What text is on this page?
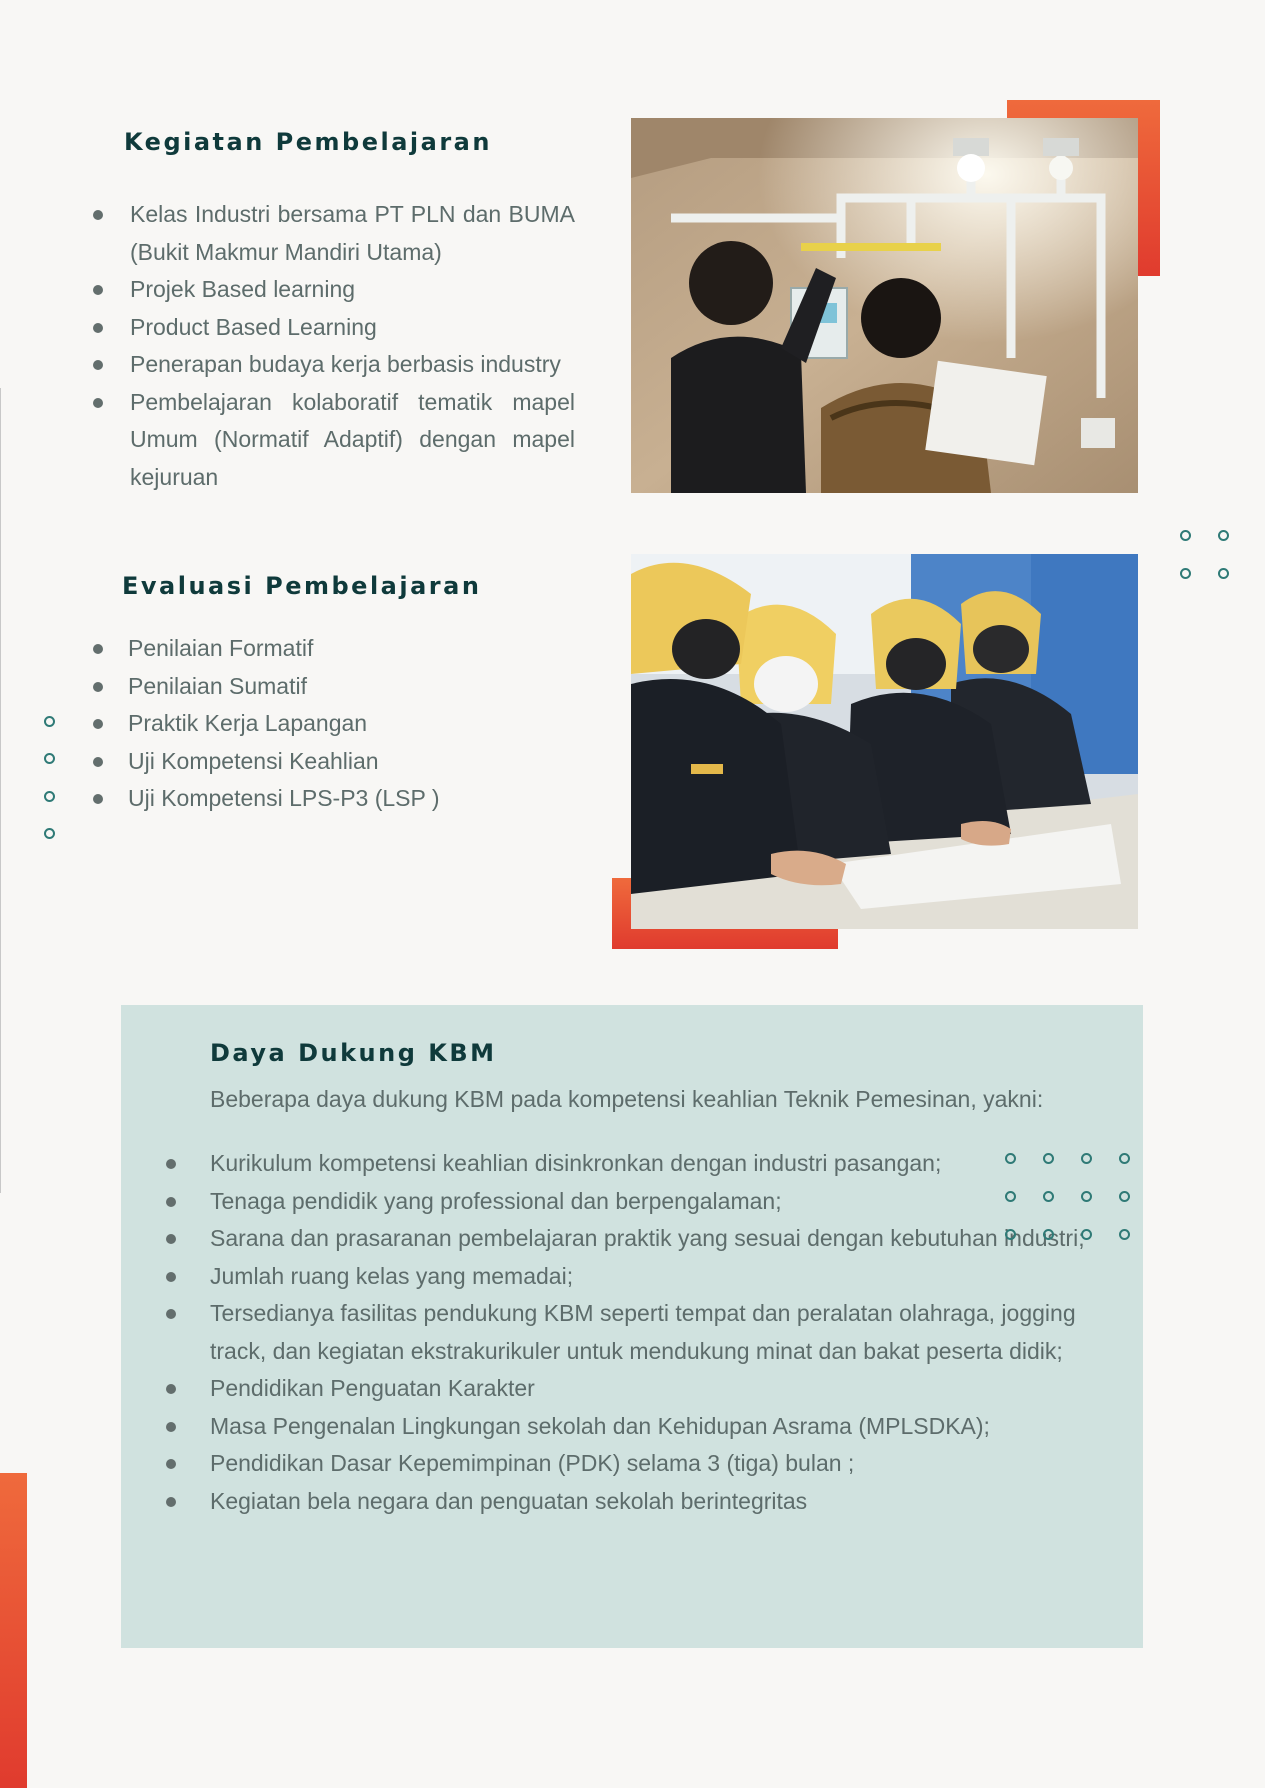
Kegiatan Pembelajaran
Kelas Industri bersama PT PLN dan BUMA (Bukit Makmur Mandiri Utama)
Projek Based learning
Product Based Learning
Penerapan budaya kerja berbasis industry
Pembelajaran kolaboratif tematik mapel Umum (Normatif Adaptif) dengan mapel kejuruan
Evaluasi Pembelajaran
Penilaian Formatif
Penilaian Sumatif
Praktik Kerja Lapangan
Uji Kompetensi Keahlian
Uji Kompetensi LPS-P3 (LSP )
Daya Dukung KBM

Beberapa daya dukung KBM pada kompetensi keahlian Teknik Pemesinan, yakni:

Kurikulum kompetensi keahlian disinkronkan dengan industri pasangan;
Tenaga pendidik yang professional dan berpengalaman;
Sarana dan prasaranan pembelajaran praktik yang sesuai dengan kebutuhan industri;
Jumlah ruang kelas yang memadai;
Tersedianya fasilitas pendukung KBM seperti tempat dan peralatan olahraga, jogging track, dan kegiatan ekstrakurikuler untuk mendukung minat dan bakat peserta didik;
Pendidikan Penguatan Karakter
Masa Pengenalan Lingkungan sekolah dan Kehidupan Asrama (MPLSDKA);
Pendidikan Dasar Kepemimpinan (PDK) selama 3 (tiga) bulan ;
Kegiatan bela negara dan penguatan sekolah berintegritas
